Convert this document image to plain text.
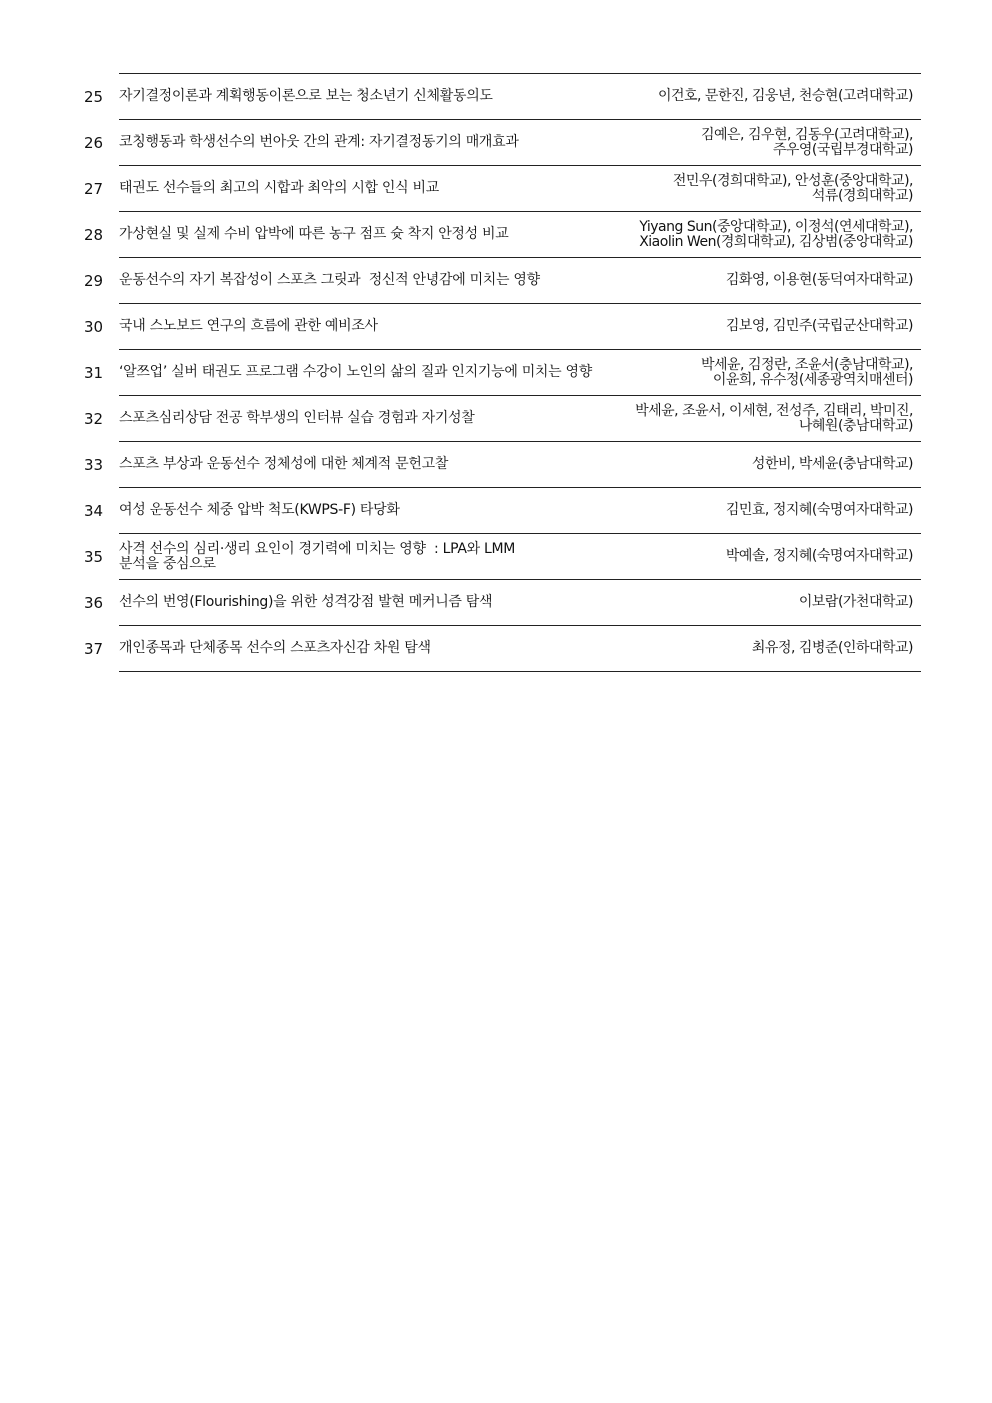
25 자기결정이론과 계획행동이론으로 보는 청소년기 신체활동의도	이건호, 문한진, 김웅년, 천승현(고려대학교)
26 코칭행동과 학생선수의 번아웃 간의 관계: 자기결정동기의 매개효과	김예은, 김우현, 김동우(고려대학교),
주우영(국립부경대학교)
27 태권도 선수들의 최고의 시합과 최악의 시합 인식 비교	전민우(경희대학교), 안성훈(중앙대학교),
석류(경희대학교)
28 가상현실 및 실제 수비 압박에 따른 농구 점프 슛 착지 안정성 비교	Yiyang Sun(중앙대학교), 이정석(연세대학교),
Xiaolin Wen(경희대학교), 김상범(중앙대학교)
29 운동선수의 자기 복잡성이 스포츠 그릿과  정신적 안녕감에 미치는 영향	김화영, 이용현(동덕여자대학교)
30 국내 스노보드 연구의 흐름에 관한 예비조사	김보영, 김민주(국립군산대학교)
31 ‘알쯔업’ 실버 태권도 프로그램 수강이 노인의 삶의 질과 인지기능에 미치는 영향	박세윤, 김정란, 조윤서(충남대학교),
이윤희, 유수정(세종광역치매센터)
32 스포츠심리상담 전공 학부생의 인터뷰 실습 경험과 자기성찰	박세윤, 조윤서, 이세현, 전성주, 김태리, 박미진,
나혜원(충남대학교)
33 스포츠 부상과 운동선수 정체성에 대한 체계적 문헌고찰	성한비, 박세윤(충남대학교)
34 여성 운동선수 체중 압박 척도(KWPS-F) 타당화	김민효, 정지혜(숙명여자대학교)
35 사격 선수의 심리·생리 요인이 경기력에 미치는 영향  : LPA와 LMM
분석을 중심으로	박예솔, 정지혜(숙명여자대학교)
36 선수의 번영(Flourishing)을 위한 성격강점 발현 메커니즘 탐색	이보람(가천대학교)
37 개인종목과 단체종목 선수의 스포츠자신감 차원 탐색	최유정, 김병준(인하대학교)
